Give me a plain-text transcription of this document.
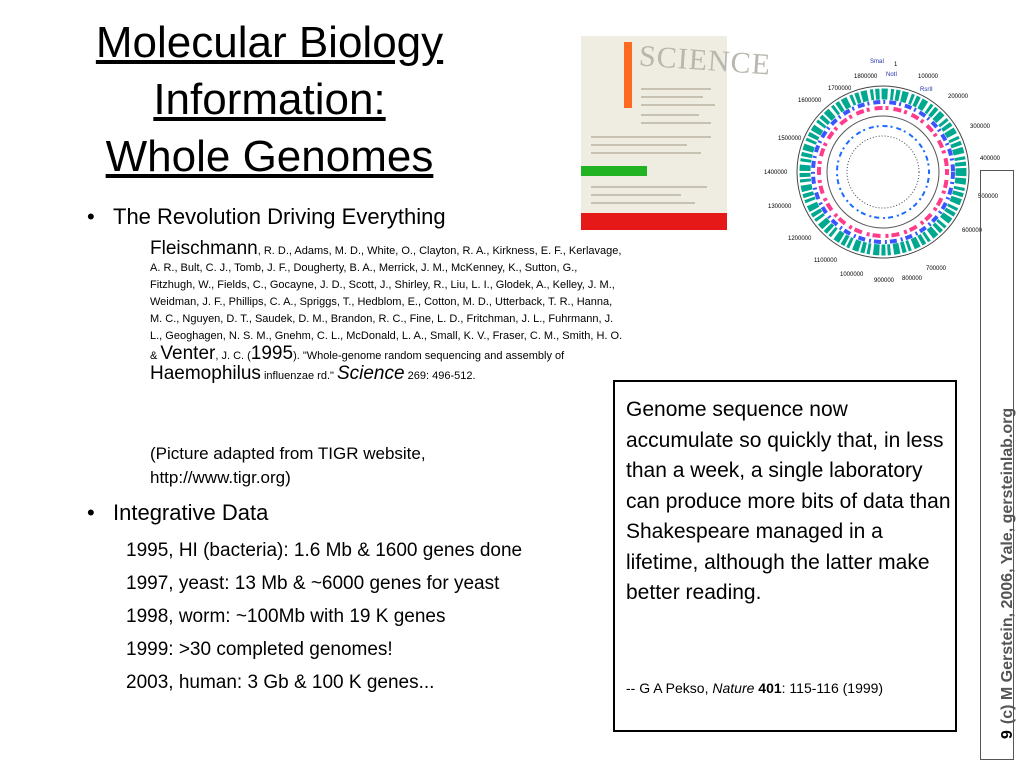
Molecular Biology
Information:
Whole Genomes
SCIENCE	SmaI
NotI
RsrII
1800000
1700000
1600000
1500000
1400000
1300000
1200000
1100000
1000000
900000 800000
700000
600000
500000
400000
300000
200000
100000
1
• The Revolution Driving Everything
Fleischmann, R. D., Adams, M. D., White, O., Clayton, R. A., Kirkness, E. F., Kerlavage, A. R., Bult, C. J., Tomb, J. F., Dougherty, B. A., Merrick, J. M., McKenney, K., Sutton, G., Fitzhugh, W., Fields, C., Gocayne, J. D., Scott, J., Shirley, R., Liu, L. I., Glodek, A., Kelley, J. M., Weidman, J. F., Phillips, C. A., Spriggs, T., Hedblom, E., Cotton, M. D., Utterback, T. R., Hanna, M. C., Nguyen, D. T., Saudek, D. M., Brandon, R. C., Fine, L. D., Fritchman, J. L., Fuhrmann, J. L., Geoghagen, N. S. M., Gnehm, C. L., McDonald, L. A., Small, K. V., Fraser, C. M., Smith, H. O. & Venter, J. C. (1995). "Whole-genome random sequencing and assembly of Haemophilus influenzae rd." Science 269: 496-512.
(Picture adapted from TIGR website,
http://www.tigr.org)
• Integrative Data
1995, HI (bacteria): 1.6 Mb & 1600 genes done
1997, yeast: 13 Mb & ~6000 genes for yeast
1998, worm: ~100Mb with 19 K genes
1999: >30 completed genomes!
2003, human: 3 Gb & 100 K genes...
Genome sequence now accumulate so quickly that, in less than a week, a single laboratory can produce more bits of data than Shakespeare managed in a lifetime, although the latter make better reading.
-- G A Pekso, Nature 401: 115-116 (1999)
9(c) M Gerstein, 2006, Yale, gersteinlab.org
